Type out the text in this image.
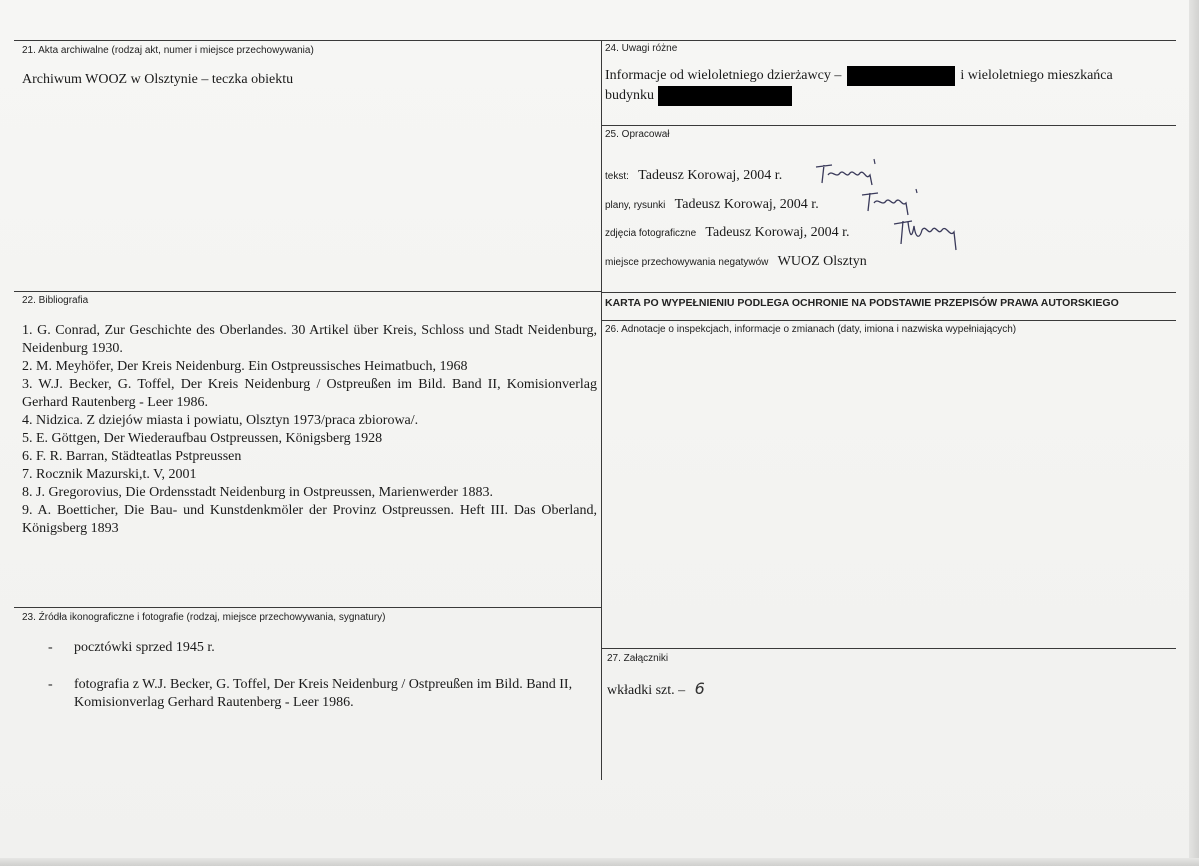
21. Akta archiwalne (rodzaj akt, numer i miejsce przechowywania)
Archiwum WOOZ w Olsztynie – teczka obiektu
22. Bibliografia
1. G. Conrad, Zur Geschichte des Oberlandes. 30 Artikel über Kreis, Schloss und Stadt Neidenburg, Neidenburg 1930.
2. M. Meyhöfer, Der Kreis Neidenburg. Ein Ostpreussisches Heimatbuch, 1968
3. W.J. Becker, G. Toffel, Der Kreis Neidenburg / Ostpreußen im Bild. Band II, Komisionverlag Gerhard Rautenberg - Leer 1986.
4. Nidzica. Z dziejów miasta i powiatu, Olsztyn 1973/praca zbiorowa/.
5. E. Göttgen, Der Wiederaufbau Ostpreussen, Königsberg 1928
6. F. R. Barran, Städteatlas Pstpreussen
7. Rocznik Mazurski,t. V, 2001
8. J. Gregorovius, Die Ordensstadt Neidenburg in Ostpreussen, Marienwerder 1883.
9. A. Boetticher, Die Bau- und Kunstdenkmöler der Provinz Ostpreussen. Heft III. Das Oberland, Königsberg 1893
23. Źródła ikonograficzne i fotografie (rodzaj, miejsce przechowywania, sygnatury)
- pocztówki sprzed 1945 r.
- fotografia z W.J. Becker, G. Toffel, Der Kreis Neidenburg / Ostpreußen im Bild. Band II, Komisionverlag Gerhard Rautenberg - Leer 1986.
24. Uwagi różne
Informacje od wieloletniego dzierżawcy –	i wieloletniego mieszkańca
budynku
25. Opracował
tekst: Tadeusz Korowaj, 2004 r.
plany, rysunki Tadeusz Korowaj, 2004 r.
zdjęcia fotograficzne Tadeusz Korowaj, 2004 r.
miejsce przechowywania negatywów WUOZ Olsztyn
KARTA PO WYPEŁNIENIU PODLEGA OCHRONIE NA PODSTAWIE PRZEPISÓW PRAWA AUTORSKIEGO
26. Adnotacje o inspekcjach, informacje o zmianach (daty, imiona i nazwiska wypełniających)
27. Załączniki
wkładki szt. – 6
